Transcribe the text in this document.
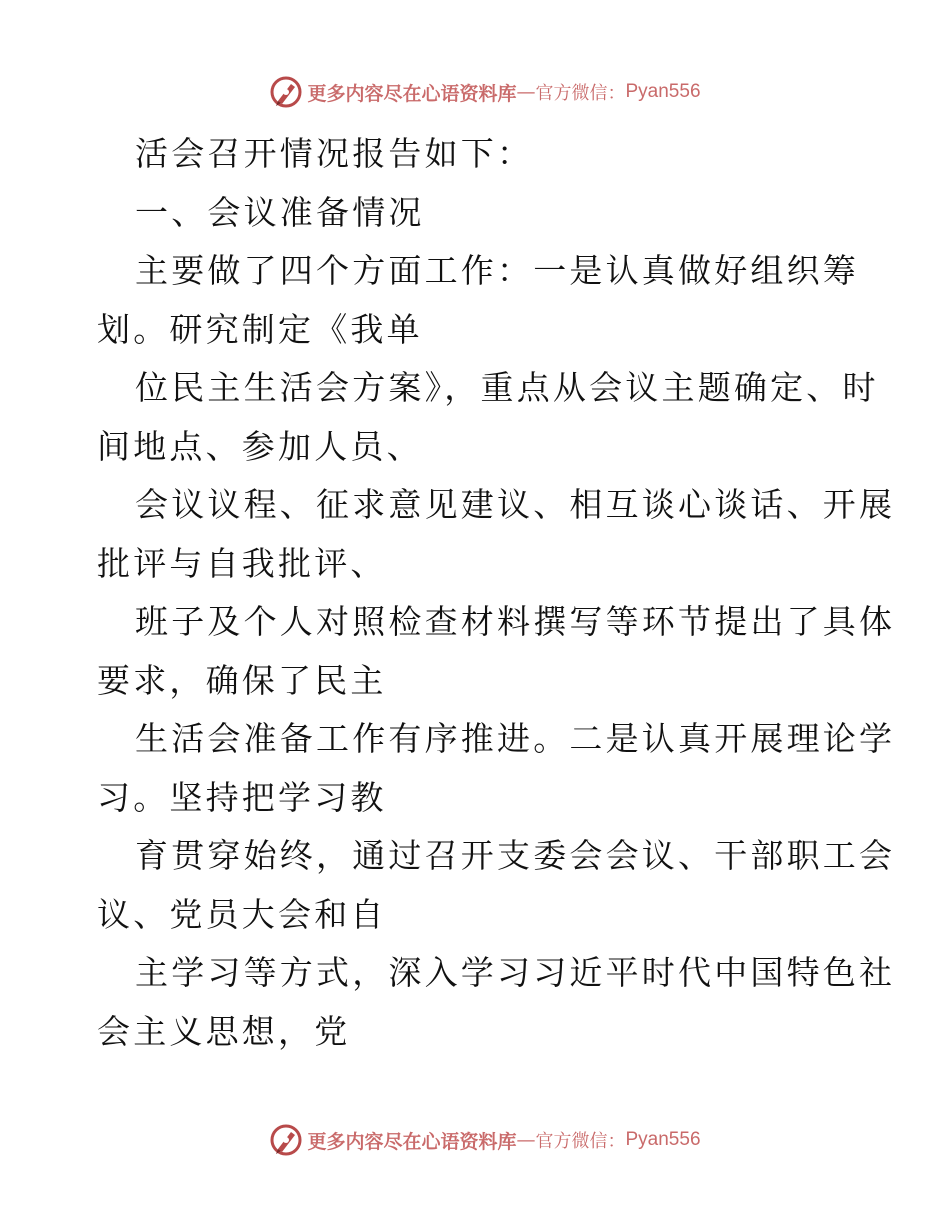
更多内容尽在心语资料库 — 官方微信： Pyan556
活会召开情况报告如下：
一、会议准备情况
主要做了四个方面工作：一是认真做好组织筹
划。研究制定《我单
位民主生活会方案》，重点从会议主题确定、时
间地点、参加人员、
会议议程、征求意见建议、相互谈心谈话、开展
批评与自我批评、
班子及个人对照检查材料撰写等环节提出了具体
要求，确保了民主
生活会准备工作有序推进。二是认真开展理论学
习。坚持把学习教
育贯穿始终，通过召开支委会会议、干部职工会
议、党员大会和自
主学习等方式，深入学习习近平时代中国特色社
会主义思想，党
更多内容尽在心语资料库 — 官方微信： Pyan556
